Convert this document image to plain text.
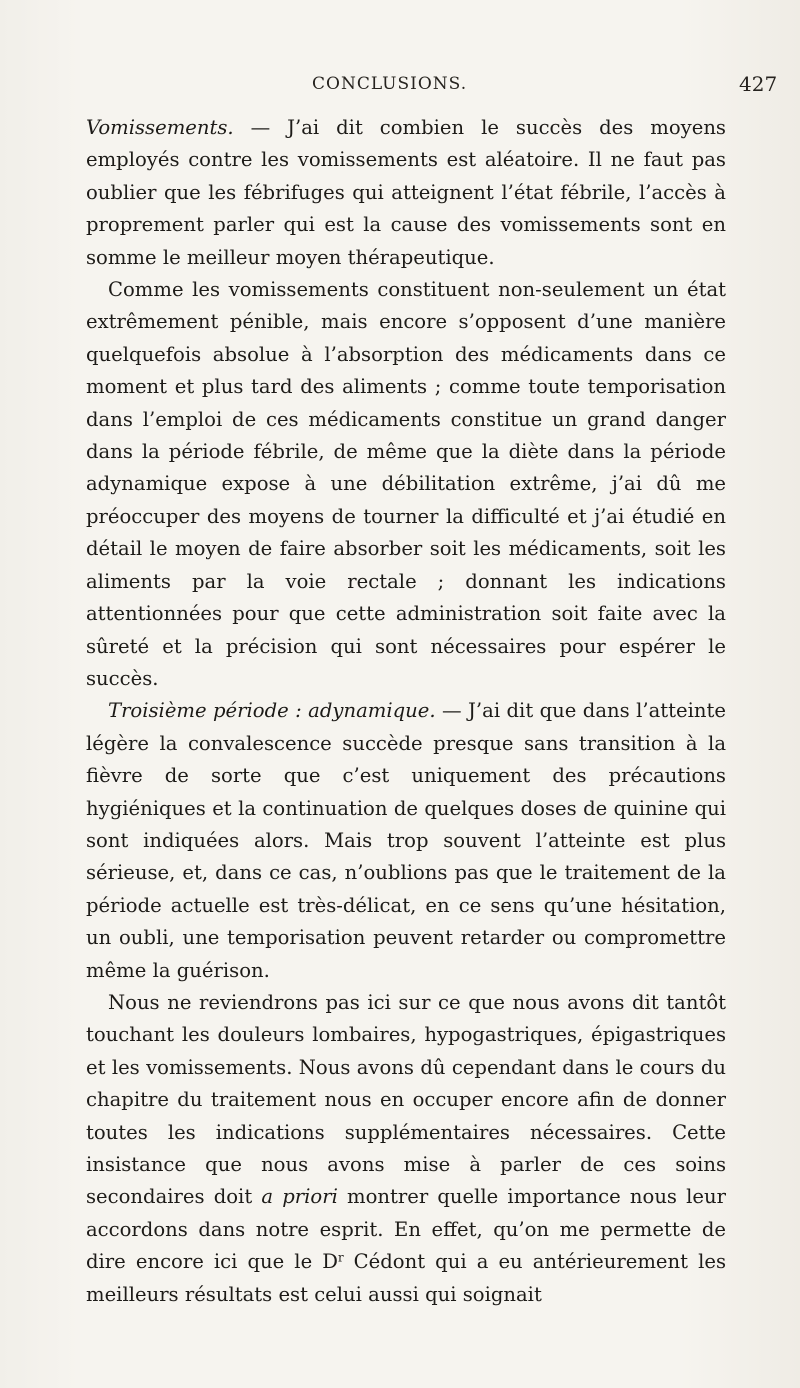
CONCLUSIONS.	427

Vomissements. — J’ai dit combien le succès des moyens employés contre les vomissements est aléatoire. Il ne faut pas oublier que les fébrifuges qui atteignent l’état fébrile, l’accès à proprement parler qui est la cause des vomissements sont en somme le meilleur moyen thérapeutique.

Comme les vomissements constituent non-seulement un état extrêmement pénible, mais encore s’opposent d’une manière quelquefois absolue à l’absorption des médicaments dans ce moment et plus tard des aliments ; comme toute temporisation dans l’emploi de ces médicaments constitue un grand danger dans la période fébrile, de même que la diète dans la période adynamique expose à une débilitation extrême, j’ai dû me préoccuper des moyens de tourner la difficulté et j’ai étudié en détail le moyen de faire absorber soit les médicaments, soit les aliments par la voie rectale ; donnant les indications attentionnées pour que cette administration soit faite avec la sûreté et la précision qui sont nécessaires pour espérer le succès.

Troisième période : adynamique. — J’ai dit que dans l’atteinte légère la convalescence succède presque sans transition à la fièvre de sorte que c’est uniquement des précautions hygiéniques et la continuation de quelques doses de quinine qui sont indiquées alors. Mais trop souvent l’atteinte est plus sérieuse, et, dans ce cas, n’oublions pas que le traitement de la période actuelle est très-délicat, en ce sens qu’une hésitation, un oubli, une temporisation peuvent retarder ou compromettre même la guérison.

Nous ne reviendrons pas ici sur ce que nous avons dit tantôt touchant les douleurs lombaires, hypogastriques, épigastriques et les vomissements. Nous avons dû cependant dans le cours du chapitre du traitement nous en occuper encore afin de donner toutes les indications supplémentaires nécessaires. Cette insistance que nous avons mise à parler de ces soins secondaires doit a priori montrer quelle importance nous leur accordons dans notre esprit. En effet, qu’on me permette de dire encore ici que le $D^r$ Cédont qui a eu antérieurement les meilleurs résultats est celui aussi qui soignait
